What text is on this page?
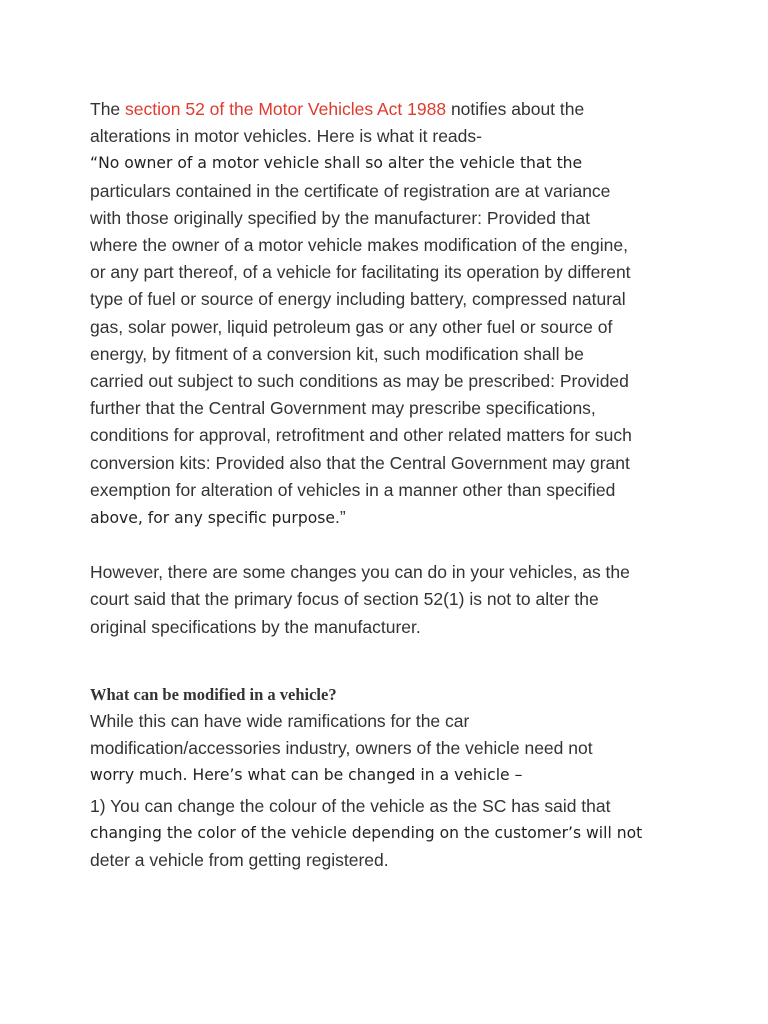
The section 52 of the Motor Vehicles Act 1988 notifies about the
alterations in motor vehicles. Here is what it reads-
“No owner of a motor vehicle shall so alter the vehicle that the
particulars contained in the certificate of registration are at variance
with those originally specified by the manufacturer: Provided that
where the owner of a motor vehicle makes modification of the engine,
or any part thereof, of a vehicle for facilitating its operation by different
type of fuel or source of energy including battery, compressed natural
gas, solar power, liquid petroleum gas or any other fuel or source of
energy, by fitment of a conversion kit, such modification shall be
carried out subject to such conditions as may be prescribed: Provided
further that the Central Government may prescribe specifications,
conditions for approval, retrofitment and other related matters for such
conversion kits: Provided also that the Central Government may grant
exemption for alteration of vehicles in a manner other than specified
above, for any specific purpose.”
However, there are some changes you can do in your vehicles, as the
court said that the primary focus of section 52(1) is not to alter the
original specifications by the manufacturer.
What can be modified in a vehicle?
While this can have wide ramifications for the car
modification/accessories industry, owners of the vehicle need not
worry much. Here’s what can be changed in a vehicle –
1) You can change the colour of the vehicle as the SC has said that
changing the color of the vehicle depending on the customer’s will not
deter a vehicle from getting registered.
